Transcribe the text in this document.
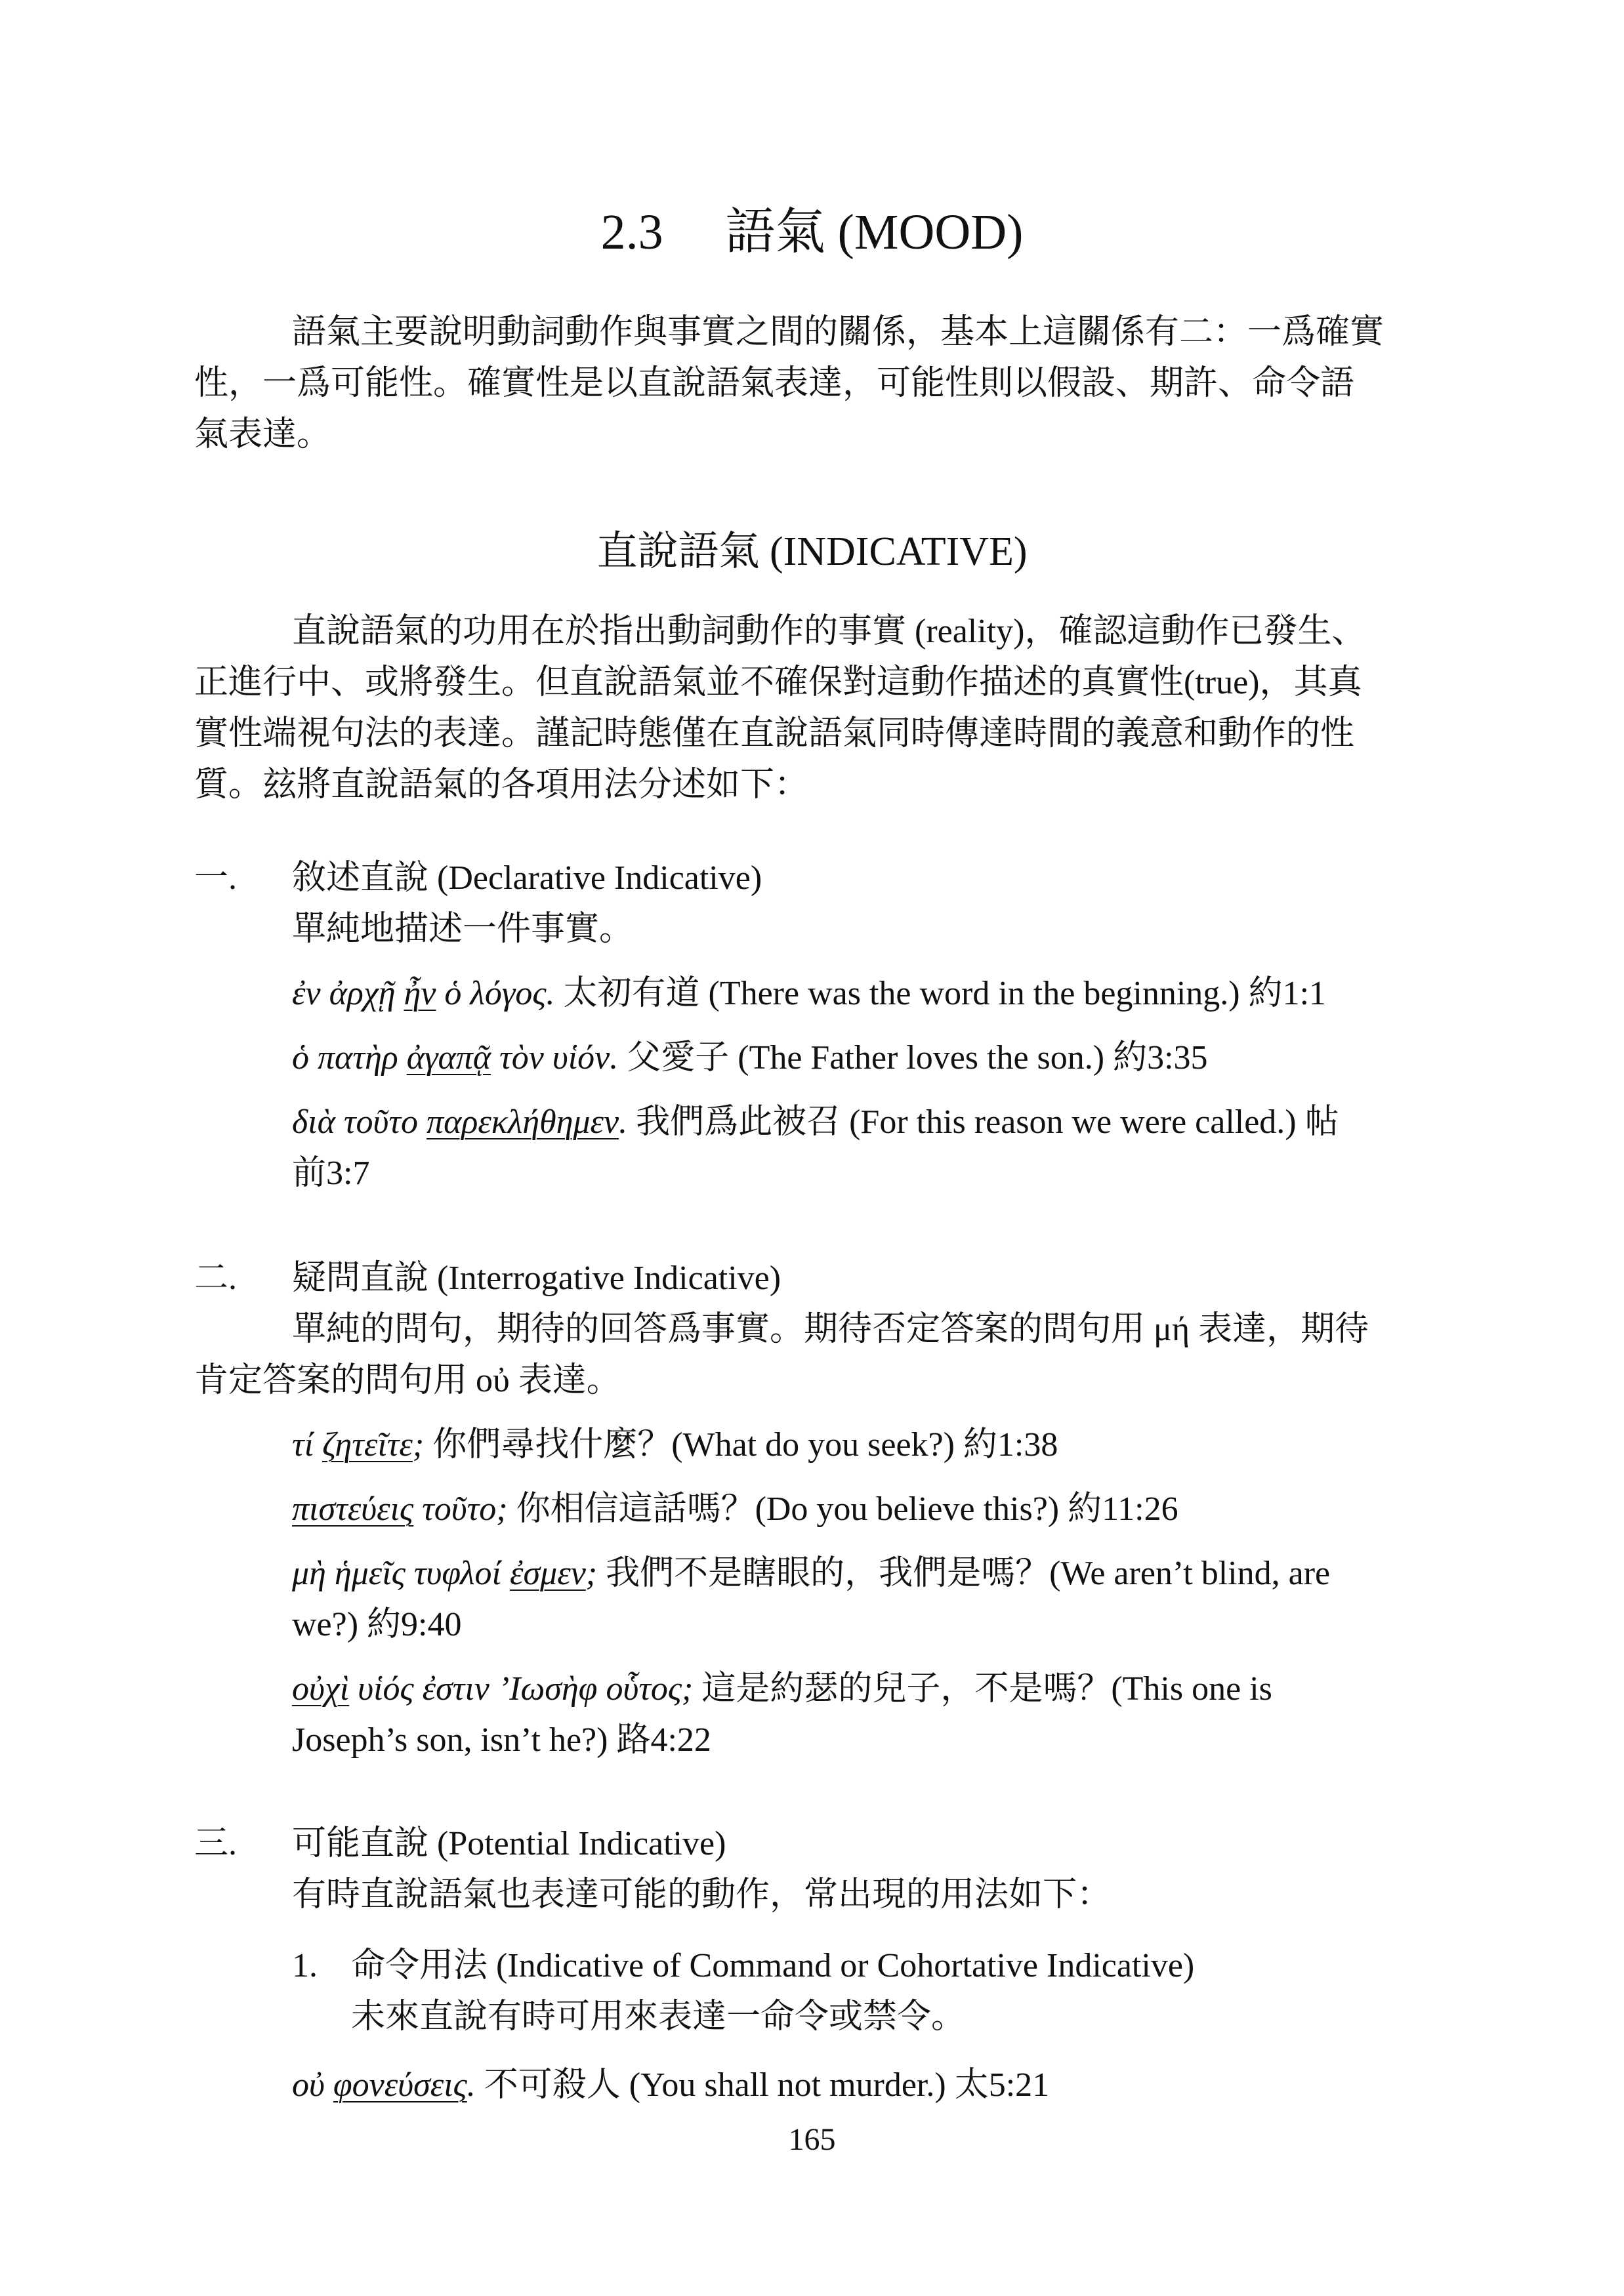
2.3　 語氣 (MOOD)
語氣主要說明動詞動作與事實之間的關係，基本上這關係有二：一爲確實
性，一爲可能性。確實性是以直說語氣表達，可能性則以假設、期許、命令語
氣表達。
直說語氣 (INDICATIVE)
直說語氣的功用在於指出動詞動作的事實 (reality)，確認這動作已發生、
正進行中、或將發生。但直說語氣並不確保對這動作描述的真實性(true)，其真
實性端視句法的表達。謹記時態僅在直說語氣同時傳達時間的義意和動作的性
質。玆將直說語氣的各項用法分述如下：
一. 敘述直說 (Declarative Indicative)
單純地描述一件事實。
ἐν ἀρχῇ ἦν ὁ λόγος. 太初有道 (There was the word in the beginning.) 約1:1
ὁ πατὴρ ἀγαπᾷ τὸν υἱόν. 父愛子 (The Father loves the son.) 約3:35
διὰ τοῦτο παρεκλήθημεν. 我們爲此被召 (For this reason we were called.) 帖
前3:7
二. 疑問直說 (Interrogative Indicative)
單純的問句，期待的回答爲事實。期待否定答案的問句用 μή 表達，期待
肯定答案的問句用 οὐ 表達。
τί ζητεῖτε; 你們尋找什麼？(What do you seek?) 約1:38
πιστεύεις τοῦτο; 你相信這話嗎？(Do you believe this?) 約11:26
μὴ ἡμεῖς τυφλοί ἐσμεν; 我們不是瞎眼的，我們是嗎？(We aren’t blind, are
we?) 約9:40
οὐχὶ υἱός ἐστιν ’Ιωσὴφ οὗτος; 這是約瑟的兒子，不是嗎？(This one is
Joseph’s son, isn’t he?) 路4:22
三. 可能直說 (Potential Indicative)
有時直說語氣也表達可能的動作，常出現的用法如下：
1. 命令用法 (Indicative of Command or Cohortative Indicative)
未來直說有時可用來表達一命令或禁令。
οὐ φονεύσεις. 不可殺人 (You shall not murder.) 太5:21
165
